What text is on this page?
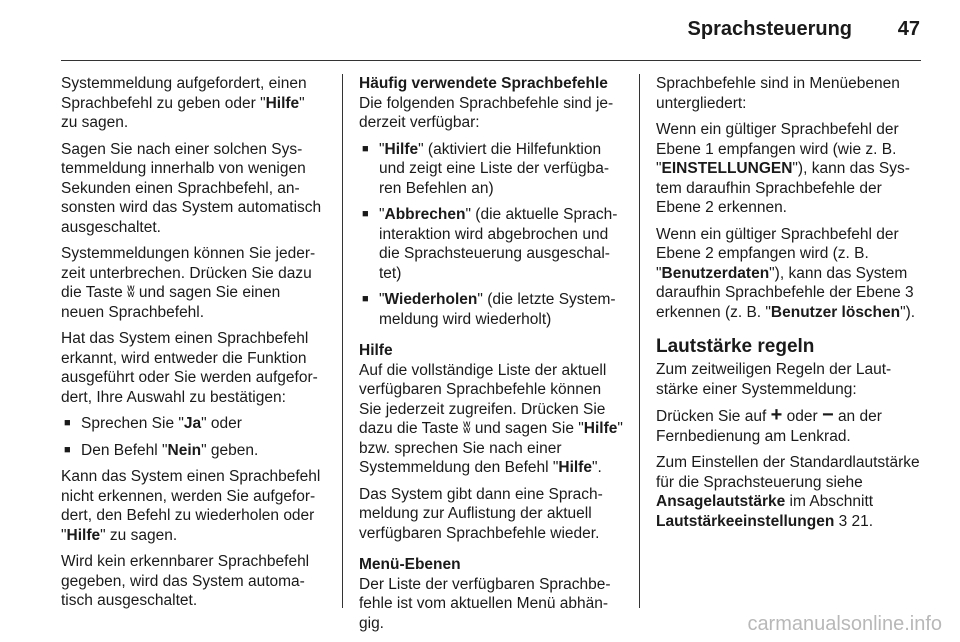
Sprachsteuerung 47

Systemmeldung aufgefordert, einen Sprachbefehl zu geben oder "Hilfe" zu sagen.

Sagen Sie nach einer solchen Systemmeldung innerhalb von wenigen Sekunden einen Sprachbefehl, ansonsten wird das System automatisch ausgeschaltet.

Systemmeldungen können Sie jederzeit unterbrechen. Drücken Sie dazu die Taste ʬ und sagen Sie einen neuen Sprachbefehl.

Hat das System einen Sprachbefehl erkannt, wird entweder die Funktion ausgeführt oder Sie werden aufgefordert, Ihre Auswahl zu bestätigen:

■ Sprechen Sie "Ja" oder
■ Den Befehl "Nein" geben.

Kann das System einen Sprachbefehl nicht erkennen, werden Sie aufgefordert, den Befehl zu wiederholen oder "Hilfe" zu sagen.

Wird kein erkennbarer Sprachbefehl gegeben, wird das System automatisch ausgeschaltet.

Häufig verwendete Sprachbefehle

Die folgenden Sprachbefehle sind jederzeit verfügbar:

■ "Hilfe" (aktiviert die Hilfefunktion und zeigt eine Liste der verfügbaren Befehlen an)
■ "Abbrechen" (die aktuelle Sprachinteraktion wird abgebrochen und die Sprachsteuerung ausgeschaltet)
■ "Wiederholen" (die letzte Systemmeldung wird wiederholt)
Hilfe

Auf die vollständige Liste der aktuell verfügbaren Sprachbefehle können Sie jederzeit zugreifen. Drücken Sie dazu die Taste ʬ und sagen Sie "Hilfe" bzw. sprechen Sie nach einer Systemmeldung den Befehl "Hilfe".

Das System gibt dann eine Sprachmeldung zur Auflistung der aktuell verfügbaren Sprachbefehle wieder.

Menü-Ebenen

Der Liste der verfügbaren Sprachbefehle ist vom aktuellen Menü abhängig.

Sprachbefehle sind in Menüebenen untergliedert:

Wenn ein gültiger Sprachbefehl der Ebene 1 empfangen wird (wie z. B. "EINSTELLUNGEN"), kann das System daraufhin Sprachbefehle der Ebene 2 erkennen.

Wenn ein gültiger Sprachbefehl der Ebene 2 empfangen wird (z. B. "Benutzerdaten"), kann das System daraufhin Sprachbefehle der Ebene 3 erkennen (z. B. "Benutzer löschen").

Lautstärke regeln

Zum zeitweiligen Regeln der Lautstärke einer Systemmeldung:

Drücken Sie auf + oder − an der Fernbedienung am Lenkrad.

Zum Einstellen der Standardlautstärke für die Sprachsteuerung siehe Ansagelautstärke im Abschnitt Lautstärkeeinstellungen 3 21.

carmanualsonline.info
